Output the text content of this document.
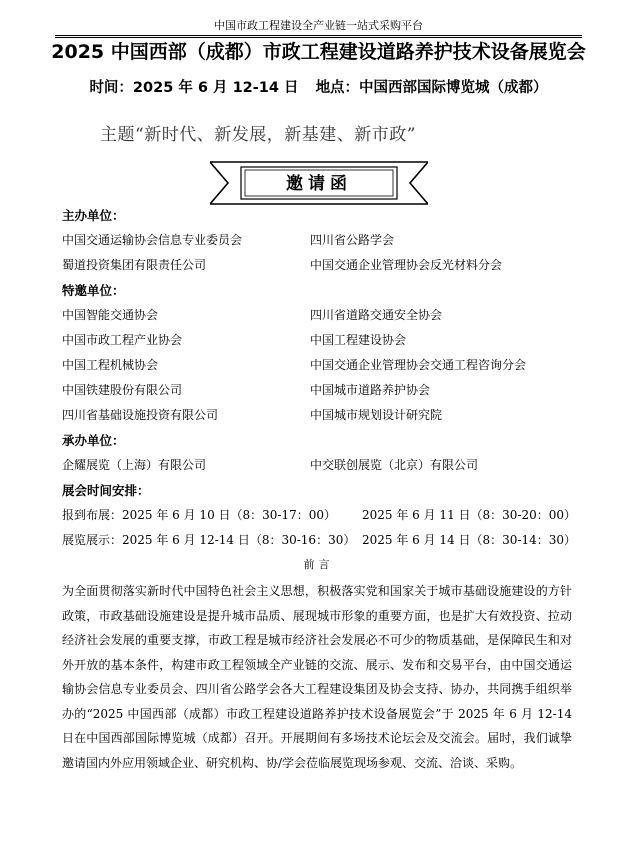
中国市政工程建设全产业链一站式采购平台
2025 中国西部（成都）市政工程建设道路养护技术设备展览会
时间：2025 年 6 月 12-14 日 地点：中国西部国际博览城（成都）
主题“新时代、新发展，新基建、新市政”
邀请函
主办单位：
中国交通运输协会信息专业委员会	四川省公路学会
蜀道投资集团有限责任公司	中国交通企业管理协会反光材料分会
特邀单位：
中国智能交通协会	四川省道路交通安全协会
中国市政工程产业协会	中国工程建设协会
中国工程机械协会	中国交通企业管理协会交通工程咨询分会
中国铁建股份有限公司	中国城市道路养护协会
四川省基础设施投资有限公司	中国城市规划设计研究院
承办单位：
企耀展览（上海）有限公司	中交联创展览（北京）有限公司
展会时间安排：
报到布展：2025 年 6 月 10 日（8：30-17：00） 2025 年 6 月 11 日（8：30-20：00）
展览展示：2025 年 6 月 12-14 日（8：30-16：30） 2025 年 6 月 14 日（8：30-14：30）
前言

为全面贯彻落实新时代中国特色社会主义思想，积极落实党和国家关于城市基础设施建设的方针政策，市政基础设施建设是提升城市品质、展现城市形象的重要方面，也是扩大有效投资、拉动经济社会发展的重要支撑，市政工程是城市经济社会发展必不可少的物质基础，是保障民生和对外开放的基本条件，构建市政工程领域全产业链的交流、展示、发布和交易平台，由中国交通运输协会信息专业委员会、四川省公路学会各大工程建设集团及协会支持、协办，共同携手组织举办的“2025 中国西部（成都）市政工程建设道路养护技术设备展览会”于 2025 年 6 月 12-14 日在中国西部国际博览城（成都）召开。开展期间有多场技术论坛会及交流会。届时，我们诚挚邀请国内外应用领域企业、研究机构、协/学会莅临展览现场参观、交流、洽谈、采购。
